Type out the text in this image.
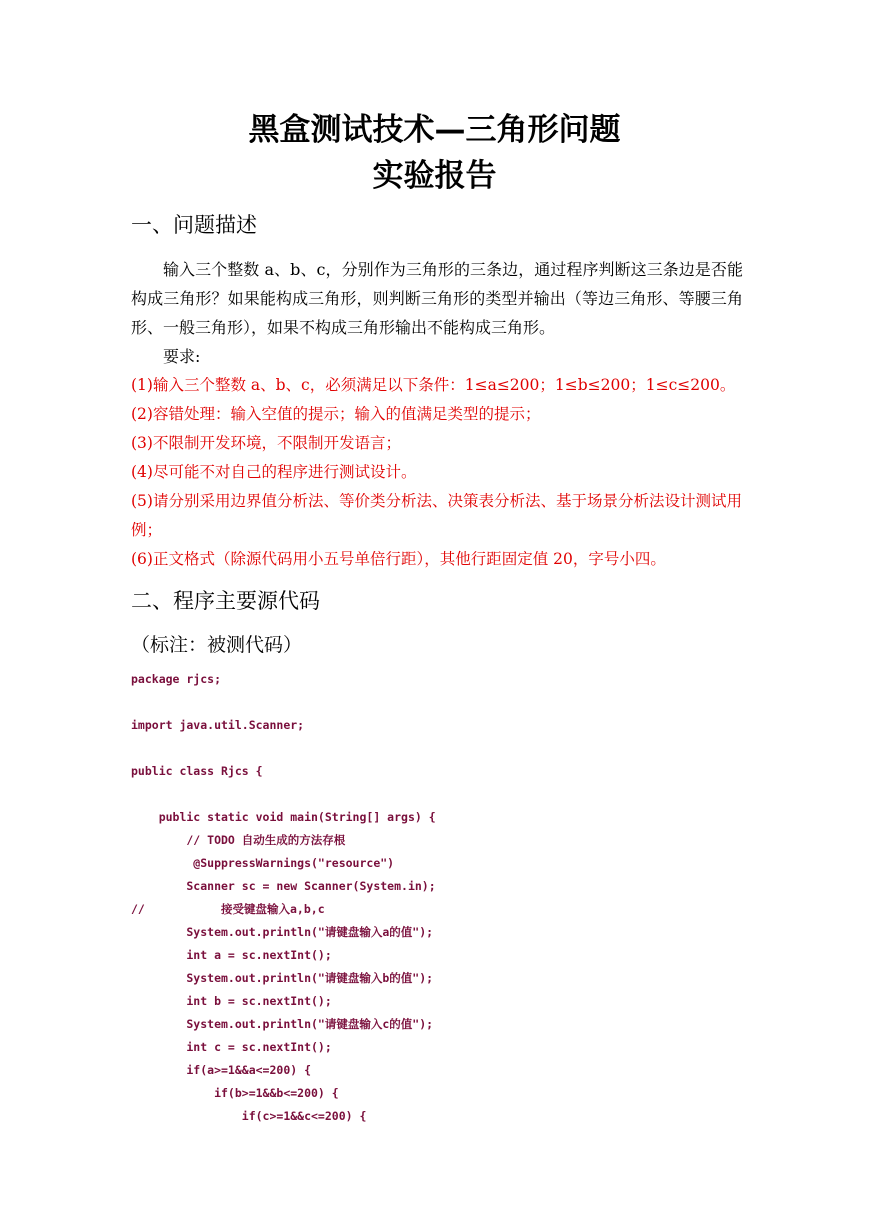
黑盒测试技术—三角形问题
实验报告
一、问题描述

输入三个整数 a、b、c，分别作为三角形的三条边，通过程序判断这三条边是否能构成三角形？如果能构成三角形，则判断三角形的类型并输出（等边三角形、等腰三角形、一般三角形），如果不构成三角形输出不能构成三角形。

要求:
(1)输入三个整数 a、b、c，必须满足以下条件：1≤a≤200；1≤b≤200；1≤c≤200。
(2)容错处理：输入空值的提示；输入的值满足类型的提示；
(3)不限制开发环境，不限制开发语言；
(4)尽可能不对自己的程序进行测试设计。
(5)请分别采用边界值分析法、等价类分析法、决策表分析法、基于场景分析法设计测试用例；
(6)正文格式（除源代码用小五号单倍行距），其他行距固定值 20，字号小四。
二、程序主要源代码
（标注：被测代码）
package rjcs;
import java.util.Scanner;
public class Rjcs {
public static void main(String[] args) {
// TODO 自动生成的方法存根
@SuppressWarnings("resource")
Scanner sc = new Scanner(System.in);
//           接受键盘输入a,b,c
System.out.println("请键盘输入a的值");
int a = sc.nextInt();
System.out.println("请键盘输入b的值");
int b = sc.nextInt();
System.out.println("请键盘输入c的值");
int c = sc.nextInt();
if(a>=1&&a<=200) {
if(b>=1&&b<=200) {
if(c>=1&&c<=200) {
